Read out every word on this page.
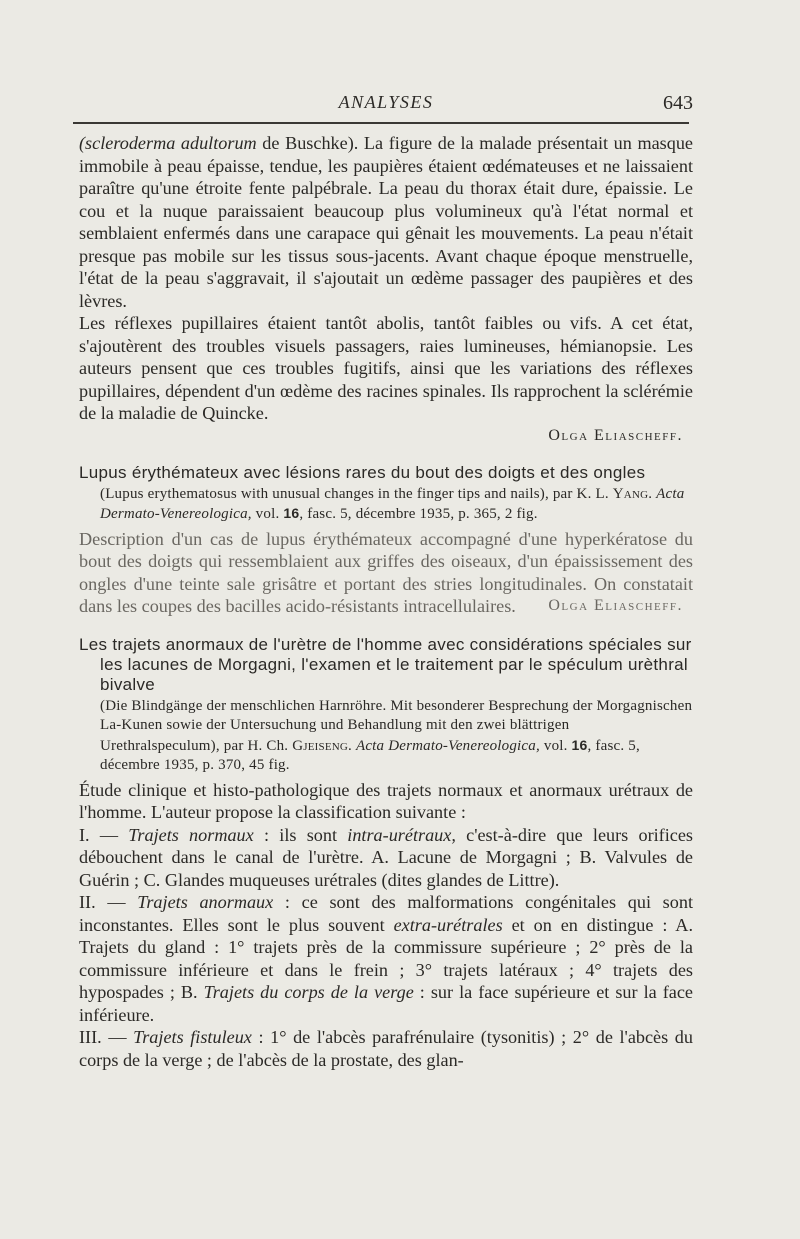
ANALYSES	643

(scleroderma adultorum de Buschke). La figure de la malade présentait un masque immobile à peau épaisse, tendue, les paupières étaient œdémateuses et ne laissaient paraître qu'une étroite fente palpébrale. La peau du thorax était dure, épaissie. Le cou et la nuque paraissaient beaucoup plus volumineux qu'à l'état normal et semblaient enfermés dans une carapace qui gênait les mouvements. La peau n'était presque pas mobile sur les tissus sous-jacents. Avant chaque époque menstruelle, l'état de la peau s'aggravait, il s'ajoutait un œdème passager des paupières et des lèvres.

Les réflexes pupillaires étaient tantôt abolis, tantôt faibles ou vifs. A cet état, s'ajoutèrent des troubles visuels passagers, raies lumineuses, hémianopsie. Les auteurs pensent que ces troubles fugitifs, ainsi que les variations des réflexes pupillaires, dépendent d'un œdème des racines spinales. Ils rapprochent la sclérémie de la maladie de Quincke.

Olga Eliascheff.
Lupus érythémateux avec lésions rares du bout des doigts et des ongles
(Lupus erythematosus with unusual changes in the finger tips and nails), par K. L. Yang. Acta Dermato-Venereologica, vol. 16, fasc. 5, décembre 1935, p. 365, 2 fig.

Description d'un cas de lupus érythémateux accompagné d'une hyperkératose du bout des doigts qui ressemblaient aux griffes des oiseaux, d'un épaississement des ongles d'une teinte sale grisâtre et portant des stries longitudinales. On constatait dans les coupes des bacilles acido-résistants intracellulaires. Olga Eliascheff.

Les trajets anormaux de l'urètre de l'homme avec considérations spéciales sur les lacunes de Morgagni, l'examen et le traitement par le spéculum urèthral bivalve
(Die Blindgänge der menschlichen Harnröhre. Mit besonderer Besprechung der Morgagnischen La-Kunen sowie der Untersuchung und Behandlung mit den zwei blättrigen Urethralspeculum), par H. Ch. Gjeiseng. Acta Dermato-Venereologica, vol. 16, fasc. 5, décembre 1935, p. 370, 45 fig.

Étude clinique et histo-pathologique des trajets normaux et anormaux urétraux de l'homme. L'auteur propose la classification suivante :

I. — Trajets normaux : ils sont intra-urétraux, c'est-à-dire que leurs orifices débouchent dans le canal de l'urètre. A. Lacune de Morgagni ; B. Valvules de Guérin ; C. Glandes muqueuses urétrales (dites glandes de Littre).

II. — Trajets anormaux : ce sont des malformations congénitales qui sont inconstantes. Elles sont le plus souvent extra-urétrales et on en distingue : A. Trajets du gland : 1° trajets près de la commissure supérieure ; 2° près de la commissure inférieure et dans le frein ; 3° trajets latéraux ; 4° trajets des hypospades ; B. Trajets du corps de la verge : sur la face supérieure et sur la face inférieure.

III. — Trajets fistuleux : 1° de l'abcès parafrénulaire (tysonitis) ; 2° de l'abcès du corps de la verge ; de l'abcès de la prostate, des glan-
